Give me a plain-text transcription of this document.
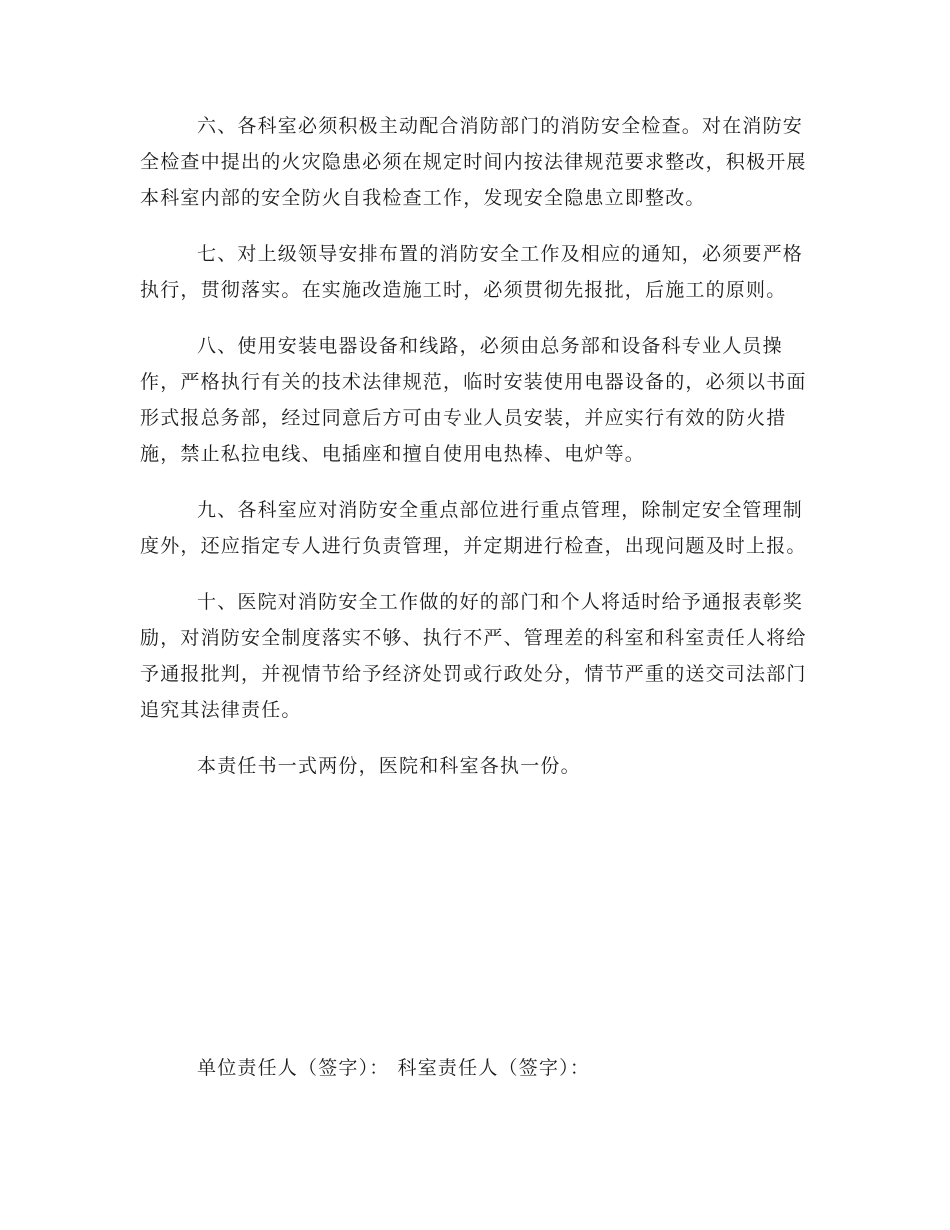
六、各科室必须积极主动配合消防部门的消防安全检查。对在消防安全检查中提出的火灾隐患必须在规定时间内按法律规范要求整改，积极开展本科室内部的安全防火自我检查工作，发现安全隐患立即整改。

七、对上级领导安排布置的消防安全工作及相应的通知，必须要严格执行，贯彻落实。在实施改造施工时，必须贯彻先报批，后施工的原则。

八、使用安装电器设备和线路，必须由总务部和设备科专业人员操作，严格执行有关的技术法律规范，临时安装使用电器设备的，必须以书面形式报总务部，经过同意后方可由专业人员安装，并应实行有效的防火措施，禁止私拉电线、电插座和擅自使用电热棒、电炉等。

九、各科室应对消防安全重点部位进行重点管理，除制定安全管理制度外，还应指定专人进行负责管理，并定期进行检查，出现问题及时上报。

十、医院对消防安全工作做的好的部门和个人将适时给予通报表彰奖励，对消防安全制度落实不够、执行不严、管理差的科室和科室责任人将给予通报批判，并视情节给予经济处罚或行政处分，情节严重的送交司法部门追究其法律责任。

本责任书一式两份，医院和科室各执一份。

单位责任人（签字）： 科室责任人（签字）：
